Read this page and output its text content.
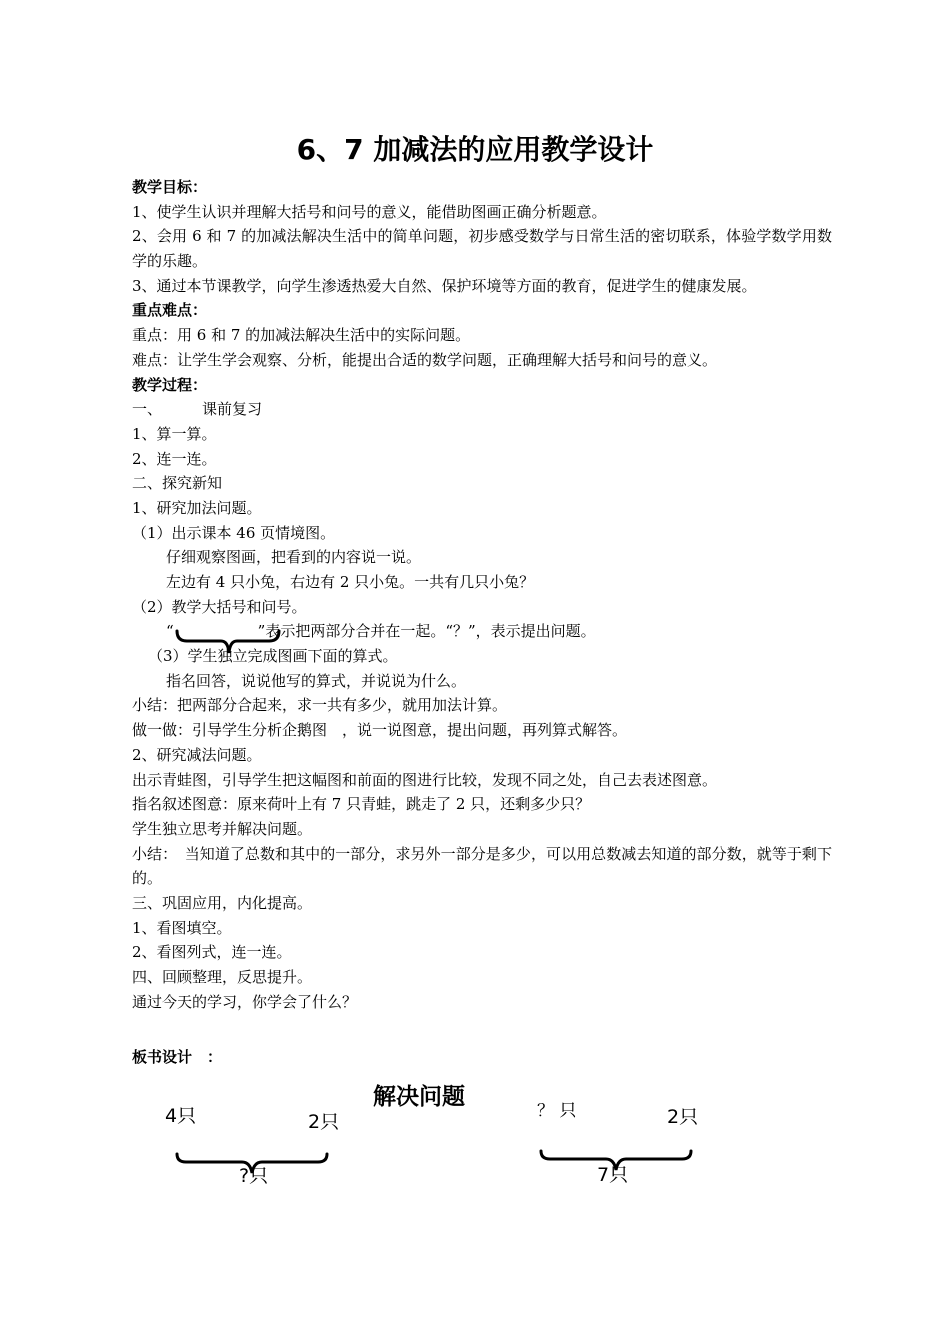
6、7 加减法的应用教学设计
教学目标：
1、使学生认识并理解大括号和问号的意义，能借助图画正确分析题意。
2、会用 6 和 7 的加减法解决生活中的简单问题，初步感受数学与日常生活的密切联系，体验学数学用数学的乐趣。
3、通过本节课教学，向学生渗透热爱大自然、保护环境等方面的教育，促进学生的健康发展。
重点难点：
重点：用 6 和 7 的加减法解决生活中的实际问题。
难点：让学生学会观察、分析，能提出合适的数学问题，正确理解大括号和问号的意义。
教学过程：
一、	课前复习
1、算一算。
2、连一连。
二、探究新知
1、研究加法问题。
（1）出示课本 46 页情境图。
仔细观察图画，把看到的内容说一说。
左边有 4 只小兔，右边有 2 只小兔。一共有几只小兔？
（2）教学大括号和问号。
“	”表示把两部分合并在一起。“？”，表示提出问题。
（3）学生独立完成图画下面的算式。
指名回答，说说他写的算式，并说说为什么。
小结：把两部分合起来，求一共有多少，就用加法计算。
做一做：引导学生分析企鹅图　，说一说图意，提出问题，再列算式解答。
2、研究减法问题。
出示青蛙图，引导学生把这幅图和前面的图进行比较，发现不同之处，自己去表述图意。
指名叙述图意：原来荷叶上有 7 只青蛙，跳走了 2 只，还剩多少只？
学生独立思考并解决问题。
小结：　当知道了总数和其中的一部分，求另外一部分是多少，可以用总数减去知道的部分数，就等于剩下的。
三、巩固应用，内化提高。
1、看图填空。
2、看图列式，连一连。
四、回顾整理，反思提升。
通过今天的学习，你学会了什么？
板书设计　：
解决问题
4只	2只
?只
？ 只	2只
7只
